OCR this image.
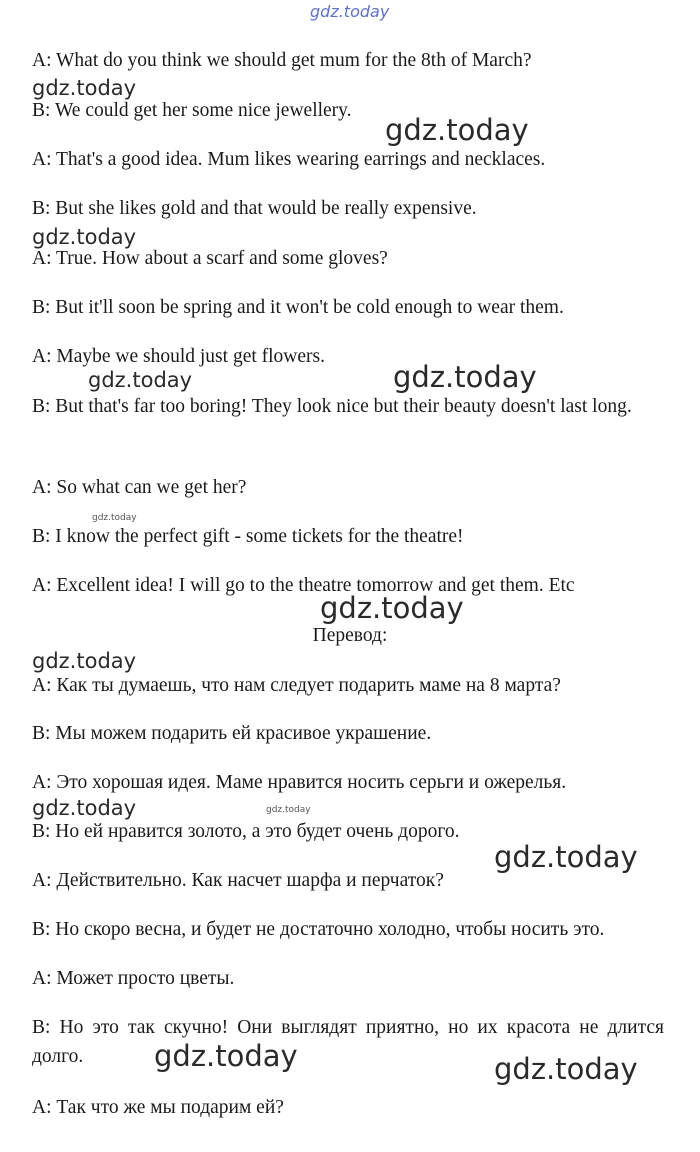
gdz.today

A: What do you think we should get mum for the 8th of March?

B: We could get her some nice jewellery.

A: That's a good idea. Mum likes wearing earrings and necklaces.

B: But she likes gold and that would be really expensive.

A: True. How about a scarf and some gloves?

B: But it'll soon be spring and it won't be cold enough to wear them.

A: Maybe we should just get flowers.

B: But that's far too boring! They look nice but their beauty doesn't last long.

A: So what can we get her?

B: I know the perfect gift - some tickets for the theatre!

A: Excellent idea! I will go to the theatre tomorrow and get them. Etc

Перевод:

А: Как ты думаешь, что нам следует подарить маме на 8 марта?

В: Мы можем подарить ей красивое украшение.

А: Это хорошая идея. Маме нравится носить серьги и ожерелья.

В: Но ей нравится золото, а это будет очень дорого.

А: Действительно. Как насчет шарфа и перчаток?

В: Но скоро весна, и будет не достаточно холодно, чтобы носить это.

А: Может просто цветы.

В: Но это так скучно! Они выглядят приятно, но их красота не длится долго.

А: Так что же мы подарим ей?

gdz.today
gdz.today
gdz.today
gdz.today	gdz.today
gdz.today
gdz.today
gdz.today
gdz.today	gdz.today
gdz.today
gdz.today	gdz.today
